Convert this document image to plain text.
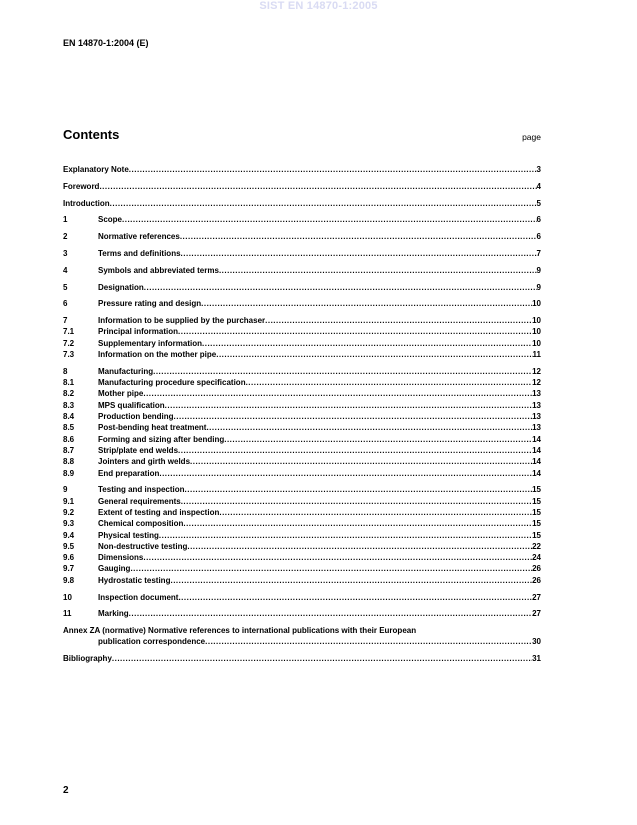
SIST EN 14870-1:2005
EN 14870-1:2004 (E)
Contents	page
Explanatory Note .....	3
Foreword .....	4
Introduction .....	5
1	Scope .....	6
2	Normative references .....	6
3	Terms and definitions .....	7
4	Symbols and abbreviated terms .....	9
5	Designation .....	9
6	Pressure rating and design .....	10
7	Information to be supplied by the purchaser .....	10
7.1	Principal information .....	10
7.2	Supplementary information .....	10
7.3	Information on the mother pipe .....	11
8	Manufacturing .....	12
8.1	Manufacturing procedure specification .....	12
8.2	Mother pipe .....	13
8.3	MPS qualification .....	13
8.4	Production bending .....	13
8.5	Post-bending heat treatment .....	13
8.6	Forming and sizing after bending .....	14
8.7	Strip/plate end welds .....	14
8.8	Jointers and girth welds .....	14
8.9	End preparation .....	14
9	Testing and inspection .....	15
9.1	General requirements .....	15
9.2	Extent of testing and inspection .....	15
9.3	Chemical composition .....	15
9.4	Physical testing .....	15
9.5	Non-destructive testing .....	22
9.6	Dimensions .....	24
9.7	Gauging .....	26
9.8	Hydrostatic testing .....	26
10	Inspection document .....	27
11	Marking .....	27
Annex ZA (normative) Normative references to international publications with their European
publication correspondence .....	30
Bibliography .....	31
2
